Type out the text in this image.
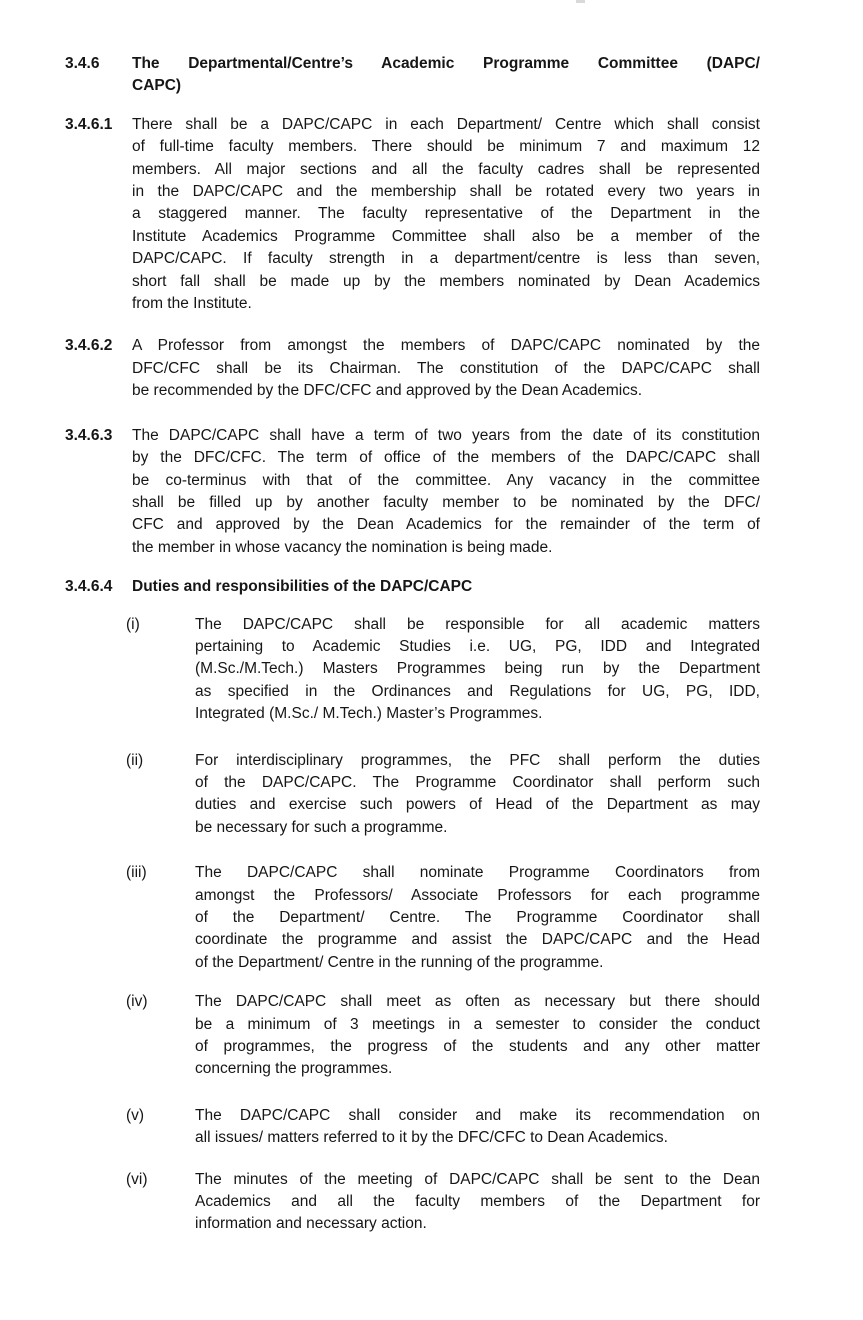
3.4.6	The Departmental/Centre’s Academic Programme Committee (DAPC/
CAPC)
3.4.6.1	There shall be a DAPC/CAPC in each Department/ Centre which shall consist
of full-time faculty members. There should be minimum 7 and maximum 12
members. All major sections and all the faculty cadres shall be represented
in the DAPC/CAPC and the membership shall be rotated every two years in
a staggered manner. The faculty representative of the Department in the
Institute Academics Programme Committee shall also be a member of the
DAPC/CAPC. If faculty strength in a department/centre is less than seven,
short fall shall be made up by the members nominated by Dean Academics
from the Institute.
3.4.6.2	A Professor from amongst the members of DAPC/CAPC nominated by the
DFC/CFC shall be its Chairman. The constitution of the DAPC/CAPC shall
be recommended by the DFC/CFC and approved by the Dean Academics.
3.4.6.3	The DAPC/CAPC shall have a term of two years from the date of its constitution
by the DFC/CFC. The term of office of the members of the DAPC/CAPC shall
be co-terminus with that of the committee. Any vacancy in the committee
shall be filled up by another faculty member to be nominated by the DFC/
CFC and approved by the Dean Academics for the remainder of the term of
the member in whose vacancy the nomination is being made.
3.4.6.4	Duties and responsibilities of the DAPC/CAPC
(i)	The DAPC/CAPC shall be responsible for all academic matters
pertaining to Academic Studies i.e. UG, PG, IDD and Integrated
(M.Sc./M.Tech.) Masters Programmes being run by the Department
as specified in the Ordinances and Regulations for UG, PG, IDD,
Integrated (M.Sc./ M.Tech.) Master’s Programmes.
(ii)	For interdisciplinary programmes, the PFC shall perform the duties
of the DAPC/CAPC. The Programme Coordinator shall perform such
duties and exercise such powers of Head of the Department as may
be necessary for such a programme.
(iii)	The DAPC/CAPC shall nominate Programme Coordinators from
amongst the Professors/ Associate Professors for each programme
of the Department/ Centre. The Programme Coordinator shall
coordinate the programme and assist the DAPC/CAPC and the Head
of the Department/ Centre in the running of the programme.
(iv)	The DAPC/CAPC shall meet as often as necessary but there should
be a minimum of 3 meetings in a semester to consider the conduct
of programmes, the progress of the students and any other matter
concerning the programmes.
(v)	The DAPC/CAPC shall consider and make its recommendation on
all issues/ matters referred to it by the DFC/CFC to Dean Academics.
(vi)	The minutes of the meeting of DAPC/CAPC shall be sent to the Dean
Academics and all the faculty members of the Department for
information and necessary action.
